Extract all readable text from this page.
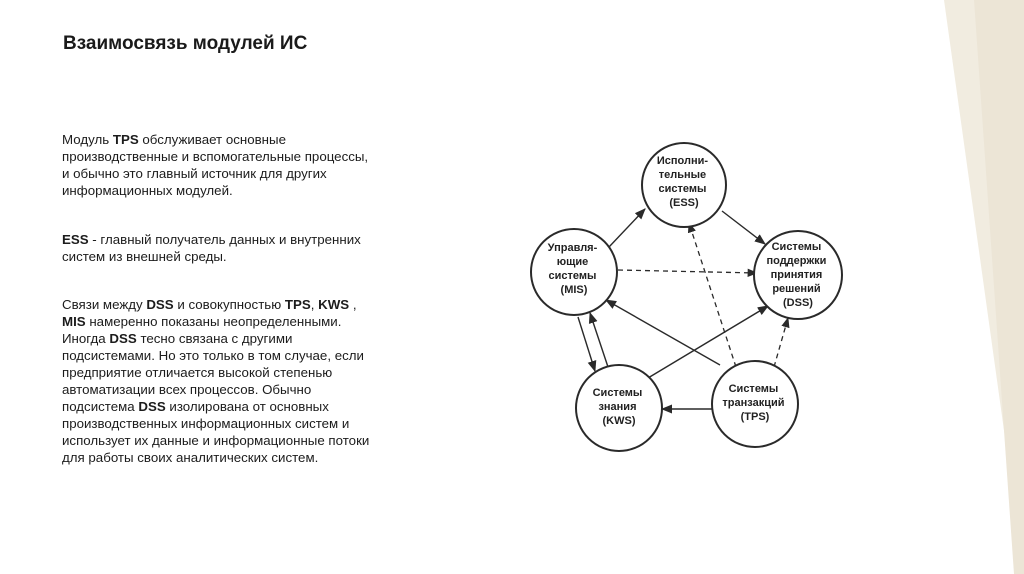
Взаимосвязь модулей ИС
Модуль TPS обслуживает основные производственные и вспомогательные процессы, и обычно это главный источник для других информационных модулей.
ESS - главный получатель данных и внутренних систем из внешней среды.
Связи между DSS и совокупностью TPS, KWS , MIS намеренно показаны неопределенными. Иногда DSS тесно связана с другими подсистемами. Но это только в том случае, если предприятие отличается высокой степенью автоматизации всех процессов. Обычно подсистема DSS изолирована от основных производственных информационных систем и использует их данные и информационные потоки для работы своих аналитических систем.
Исполни- тельные системы (ESS)
Управля- ющие системы (MIS)
Системы поддержки принятия решений (DSS)
Системы знания (KWS)
Системы транзакций (TPS)
